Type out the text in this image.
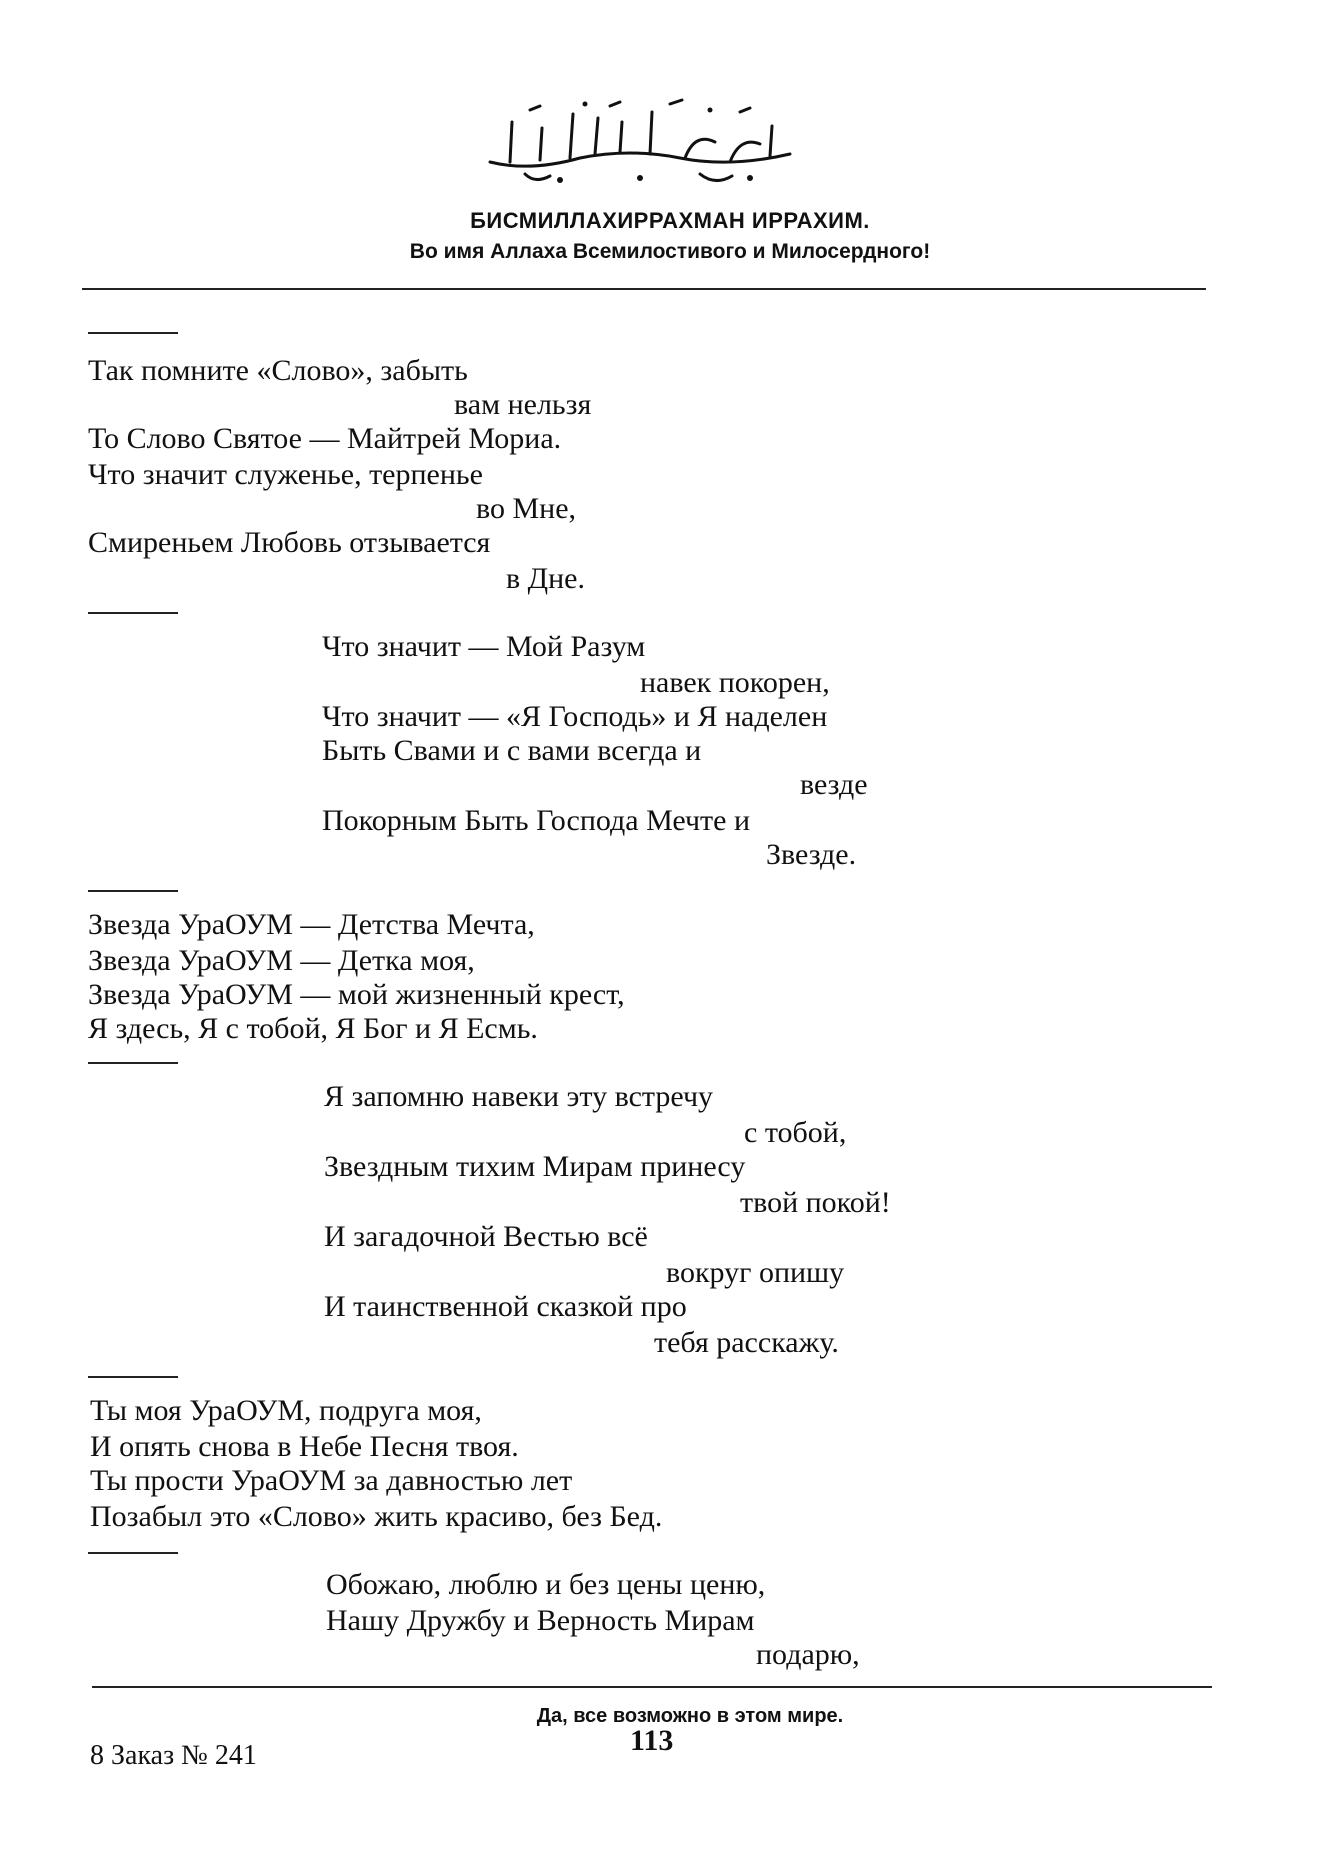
БИСМИЛЛАХИРРАХМАН ИРРАХИМ.
Во имя Аллаха Всемилостивого и Милосердного!
Так помните «Слово», забыть
вам нельзя
То Слово Святое — Майтрей Мориа.
Что значит служенье, терпенье
во Мне,
Смиреньем Любовь отзывается
в Дне.
Что значит — Мой Разум
навек покорен,
Что значит — «Я Господь» и Я наделен
Быть Свами и с вами всегда и
везде
Покорным Быть Господа Мечте и
Звезде.
Звезда УраОУМ — Детства Мечта,
Звезда УраОУМ — Детка моя,
Звезда УраОУМ — мой жизненный крест,
Я здесь, Я с тобой, Я Бог и Я Есмь.
Я запомню навеки эту встречу
с тобой,
Звездным тихим Мирам принесу
твой покой!
И загадочной Вестью всё
вокруг опишу
И таинственной сказкой про
тебя расскажу.
Ты моя УраОУМ, подруга моя,
И опять снова в Небе Песня твоя.
Ты прости УраОУМ за давностью лет
Позабыл это «Слово» жить красиво, без Бед.
Обожаю, люблю и без цены ценю,
Нашу Дружбу и Верность Мирам
подарю,
Да, все возможно в этом мире.
8 Заказ № 241	113
